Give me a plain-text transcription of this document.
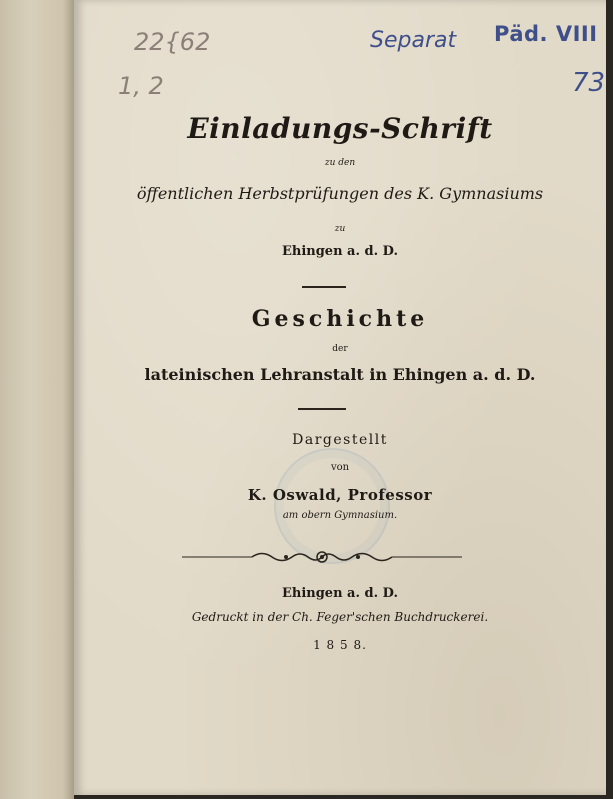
22{62
1, 2
Separat Päd. VIII
73
Einladungs-Schrift
zu den
öffentlichen Herbstprüfungen des K. Gymnasiums
zu
Ehingen a. d. D.
Geschichte
der
lateinischen Lehranstalt in Ehingen a. d. D.
Dargestellt
von
K. Oswald, Professor
am obern Gymnasium.
Ehingen a. d. D.
Gedruckt in der Ch. Feger'schen Buchdruckerei.
1 8 5 8.
